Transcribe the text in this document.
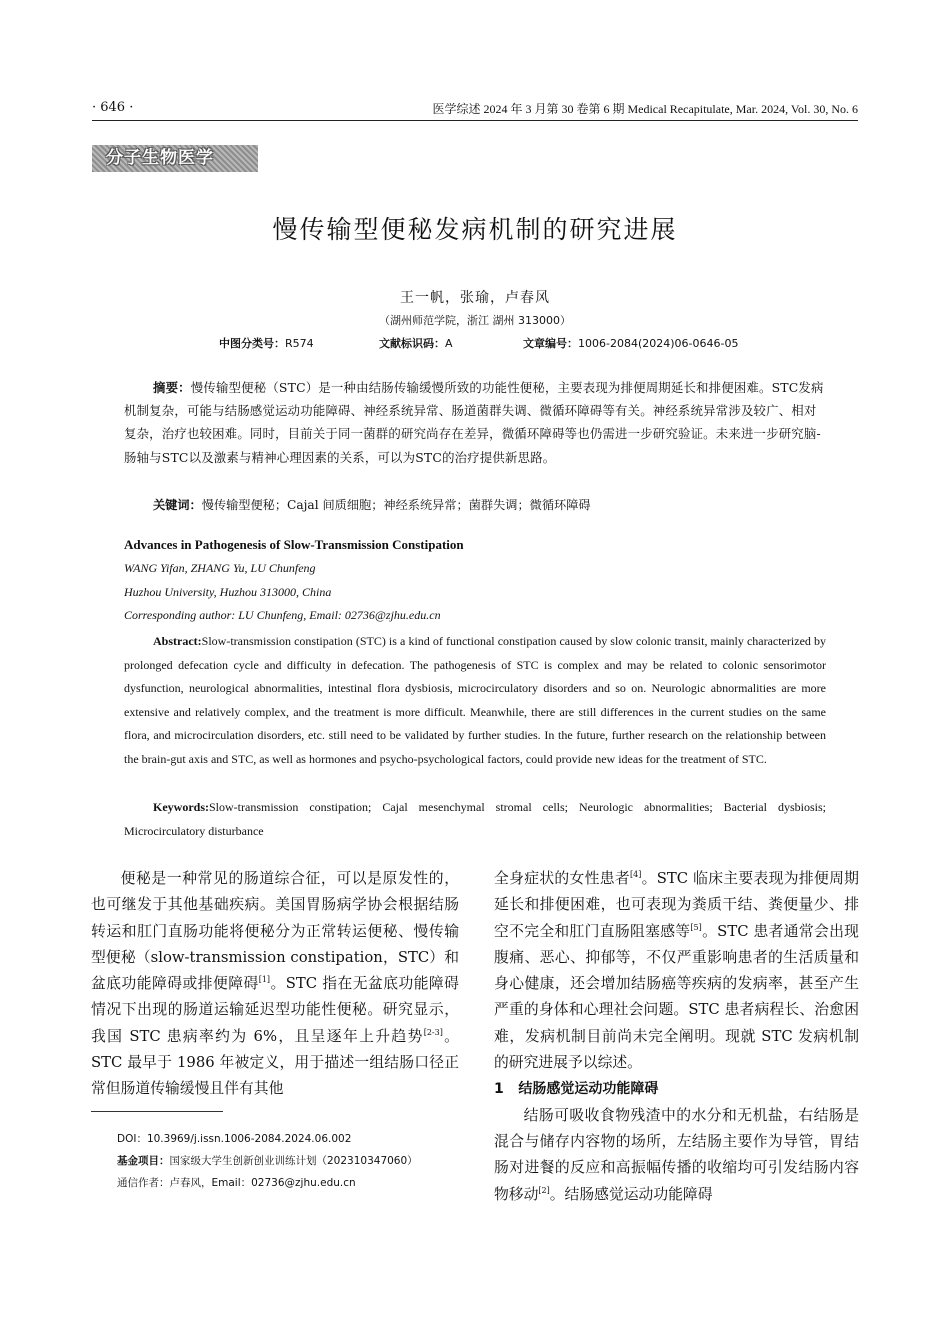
· 646 ·	医学综述 2024 年 3 月第 30 卷第 6 期 Medical Recapitulate, Mar. 2024, Vol. 30, No. 6
分子生物医学
慢传输型便秘发病机制的研究进展
王一帆，张瑜，卢春风
（湖州师范学院，浙江 湖州 313000）
中图分类号：R574	文献标识码：A	文章编号：1006-2084(2024)06-0646-05
摘要：慢传输型便秘（STC）是一种由结肠传输缓慢所致的功能性便秘，主要表现为排便周期延长和排便困难。STC发病机制复杂，可能与结肠感觉运动功能障碍、神经系统异常、肠道菌群失调、微循环障碍等有关。神经系统异常涉及较广、相对复杂，治疗也较困难。同时，目前关于同一菌群的研究尚存在差异，微循环障碍等也仍需进一步研究验证。未来进一步研究脑-肠轴与STC以及激素与精神心理因素的关系，可以为STC的治疗提供新思路。
关键词：慢传输型便秘；Cajal 间质细胞；神经系统异常；菌群失调；微循环障碍
Advances in Pathogenesis of Slow-Transmission Constipation
WANG Yifan, ZHANG Yu, LU Chunfeng
Huzhou University, Huzhou 313000, China
Corresponding author: LU Chunfeng, Email: 02736@zjhu.edu.cn
Abstract:Slow-transmission constipation (STC) is a kind of functional constipation caused by slow colonic transit, mainly characterized by prolonged defecation cycle and difficulty in defecation. The pathogenesis of STC is complex and may be related to colonic sensorimotor dysfunction, neurological abnormalities, intestinal flora dysbiosis, microcirculatory disorders and so on. Neurologic abnormalities are more extensive and relatively complex, and the treatment is more difficult. Meanwhile, there are still differences in the current studies on the same flora, and microcirculation disorders, etc. still need to be validated by further studies. In the future, further research on the relationship between the brain-gut axis and STC, as well as hormones and psycho-psychological factors, could provide new ideas for the treatment of STC.
Keywords:Slow-transmission constipation; Cajal mesenchymal stromal cells; Neurologic abnormalities; Bacterial dysbiosis; Microcirculatory disturbance

便秘是一种常见的肠道综合征，可以是原发性的，也可继发于其他基础疾病。美国胃肠病学协会根据结肠转运和肛门直肠功能将便秘分为正常转运便秘、慢传输型便秘（slow-transmission constipation，STC）和盆底功能障碍或排便障碍[1]。STC 指在无盆底功能障碍情况下出现的肠道运输延迟型功能性便秘。研究显示，我国 STC 患病率约为 6%，且呈逐年上升趋势[2-3]。STC 最早于 1986 年被定义，用于描述一组结肠口径正常但肠道传输缓慢且伴有其他

DOI：10.3969/j.issn.1006-2084.2024.06.002
基金项目：国家级大学生创新创业训练计划（202310347060）
通信作者：卢春风，Email：02736@zjhu.edu.cn

全身症状的女性患者[4]。STC 临床主要表现为排便周期延长和排便困难，也可表现为粪质干结、粪便量少、排空不完全和肛门直肠阻塞感等[5]。STC 患者通常会出现腹痛、恶心、抑郁等，不仅严重影响患者的生活质量和身心健康，还会增加结肠癌等疾病的发病率，甚至产生严重的身体和心理社会问题。STC 患者病程长、治愈困难，发病机制目前尚未完全阐明。现就 STC 发病机制的研究进展予以综述。

1 结肠感觉运动功能障碍

结肠可吸收食物残渣中的水分和无机盐，右结肠是混合与储存内容物的场所，左结肠主要作为导管，胃结肠对进餐的反应和高振幅传播的收缩均可引发结肠内容物移动[2]。结肠感觉运动功能障碍
